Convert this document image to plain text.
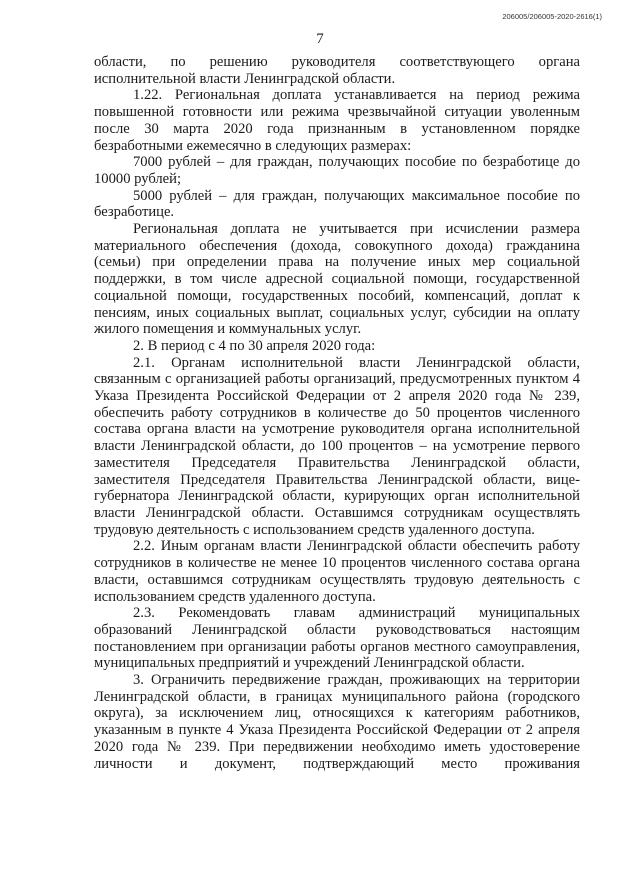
206005/206005-2020-2616(1)
7

области, по решению руководителя соответствующего органа исполнительной власти Ленинградской области.

1.22. Региональная доплата устанавливается на период режима повышенной готовности или режима чрезвычайной ситуации уволенным после 30 марта 2020 года признанным в установленном порядке безработными ежемесячно в следующих размерах:

7000 рублей – для граждан, получающих пособие по безработице до 10000 рублей;

5000 рублей – для граждан, получающих максимальное пособие по безработице.

Региональная доплата не учитывается при исчислении размера материального обеспечения (дохода, совокупного дохода) гражданина (семьи) при определении права на получение иных мер социальной поддержки, в том числе адресной социальной помощи, государственной социальной помощи, государственных пособий, компенсаций, доплат к пенсиям, иных социальных выплат, социальных услуг, субсидии на оплату жилого помещения и коммунальных услуг.

2. В период с 4 по 30 апреля 2020 года:

2.1. Органам исполнительной власти Ленинградской области, связанным с организацией работы организаций, предусмотренных пунктом 4 Указа Президента Российской Федерации от 2 апреля 2020 года № 239, обеспечить работу сотрудников в количестве до 50 процентов численного состава органа власти на усмотрение руководителя органа исполнительной власти Ленинградской области, до 100 процентов – на усмотрение первого заместителя Председателя Правительства Ленинградской области, заместителя Председателя Правительства Ленинградской области, вице-губернатора Ленинградской области, курирующих орган исполнительной власти Ленинградской области. Оставшимся сотрудникам осуществлять трудовую деятельность с использованием средств удаленного доступа.

2.2. Иным органам власти Ленинградской области обеспечить работу сотрудников в количестве не менее 10 процентов численного состава органа власти, оставшимся сотрудникам осуществлять трудовую деятельность с использованием средств удаленного доступа.

2.3. Рекомендовать главам администраций муниципальных образований Ленинградской области руководствоваться настоящим постановлением при организации работы органов местного самоуправления, муниципальных предприятий и учреждений Ленинградской области.

3. Ограничить передвижение граждан, проживающих на территории Ленинградской области, в границах муниципального района (городского округа), за исключением лиц, относящихся к категориям работников, указанным в пункте 4 Указа Президента Российской Федерации от 2 апреля 2020 года № 239. При передвижении необходимо иметь удостоверение личности и документ, подтверждающий место проживания
